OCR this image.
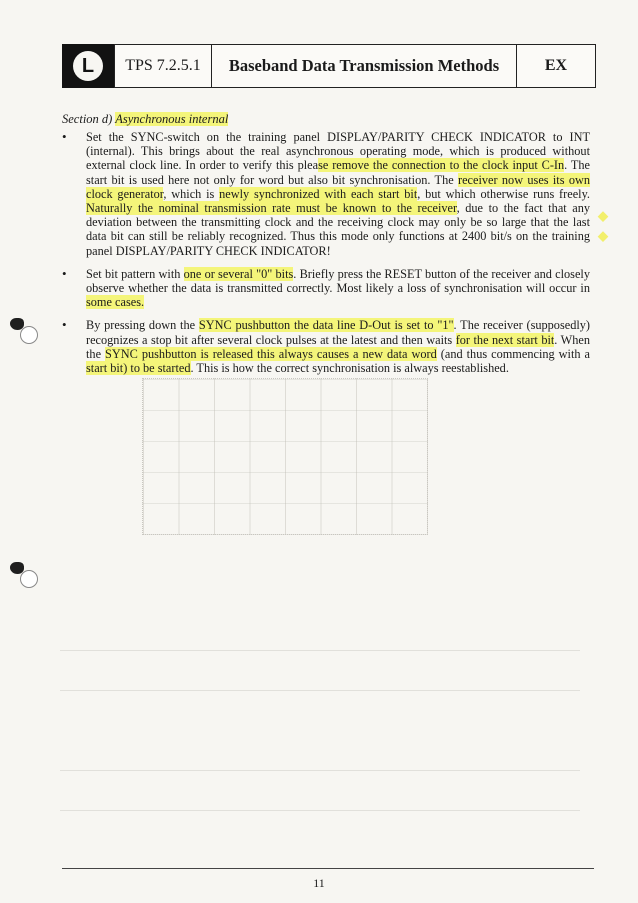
L	TPS 7.2.5.1	Baseband Data Transmission Methods	EX
Section d) Asynchronous internal
• Set the SYNC-switch on the training panel DISPLAY/PARITY CHECK INDICATOR to INT (internal). This brings about the real asynchronous operating mode, which is produced without external clock line. In order to verify this please remove the connection to the clock input C-In. The start bit is used here not only for word but also bit synchronisation. The receiver now uses its own clock generator, which is newly synchronized with each start bit, but which otherwise runs freely. Naturally the nominal transmission rate must be known to the receiver, due to the fact that any deviation between the transmitting clock and the receiving clock may only be so large that the last data bit can still be reliably recognized. Thus this mode only functions at 2400 bit/s on the training panel DISPLAY/PARITY CHECK INDICATOR!

• Set bit pattern with one or several "0" bits. Briefly press the RESET button of the receiver and closely observe whether the data is transmitted correctly. Most likely a loss of synchronisation will occur in some cases.

• By pressing down the SYNC pushbutton the data line D-Out is set to "1". The receiver (supposedly) recognizes a stop bit after several clock pulses at the latest and then waits for the next start bit. When the SYNC pushbutton is released this always causes a new data word (and thus commencing with a start bit) to be started. This is how the correct synchronisation is always reestablished.

◆
◆
11
